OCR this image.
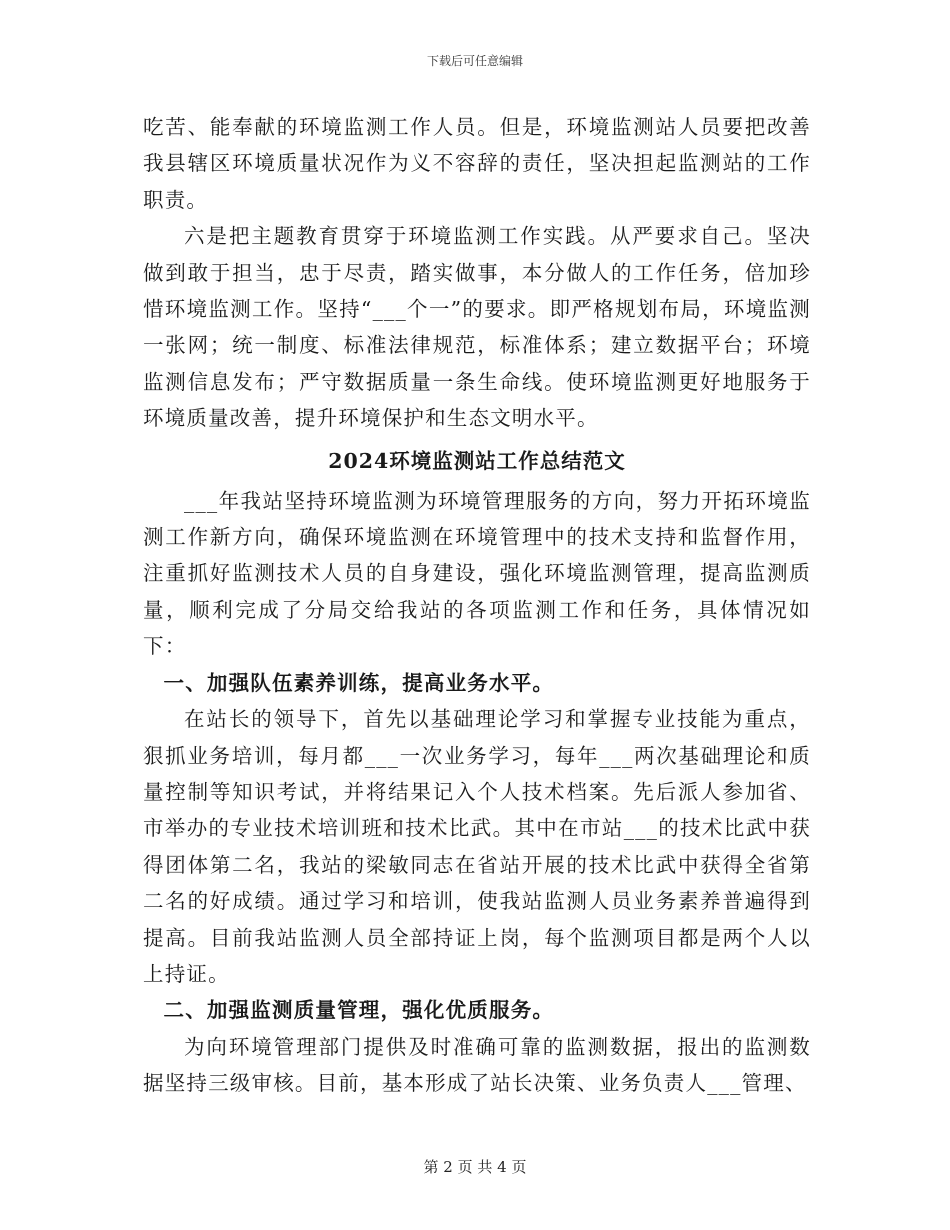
下载后可任意编辑

吃苦、能奉献的环境监测工作人员。但是，环境监测站人员要把改善我县辖区环境质量状况作为义不容辞的责任，坚决担起监测站的工作职责。

六是把主题教育贯穿于环境监测工作实践。从严要求自己。坚决做到敢于担当，忠于尽责，踏实做事，本分做人的工作任务，倍加珍惜环境监测工作。坚持“___个一”的要求。即严格规划布局，环境监测一张网；统一制度、标准法律规范，标准体系；建立数据平台；环境监测信息发布；严守数据质量一条生命线。使环境监测更好地服务于环境质量改善，提升环境保护和生态文明水平。

2024环境监测站工作总结范文

___年我站坚持环境监测为环境管理服务的方向，努力开拓环境监测工作新方向，确保环境监测在环境管理中的技术支持和监督作用，注重抓好监测技术人员的自身建设，强化环境监测管理，提高监测质量，顺利完成了分局交给我站的各项监测工作和任务，具体情况如下：

一、加强队伍素养训练，提高业务水平。

在站长的领导下，首先以基础理论学习和掌握专业技能为重点，狠抓业务培训，每月都___一次业务学习，每年___两次基础理论和质量控制等知识考试，并将结果记入个人技术档案。先后派人参加省、市举办的专业技术培训班和技术比武。其中在市站___的技术比武中获得团体第二名，我站的梁敏同志在省站开展的技术比武中获得全省第二名的好成绩。通过学习和培训，使我站监测人员业务素养普遍得到提高。目前我站监测人员全部持证上岗，每个监测项目都是两个人以上持证。

二、加强监测质量管理，强化优质服务。

为向环境管理部门提供及时准确可靠的监测数据，报出的监测数据坚持三级审核。目前，基本形成了站长决策、业务负责人___管理、

第 2 页 共 4 页
